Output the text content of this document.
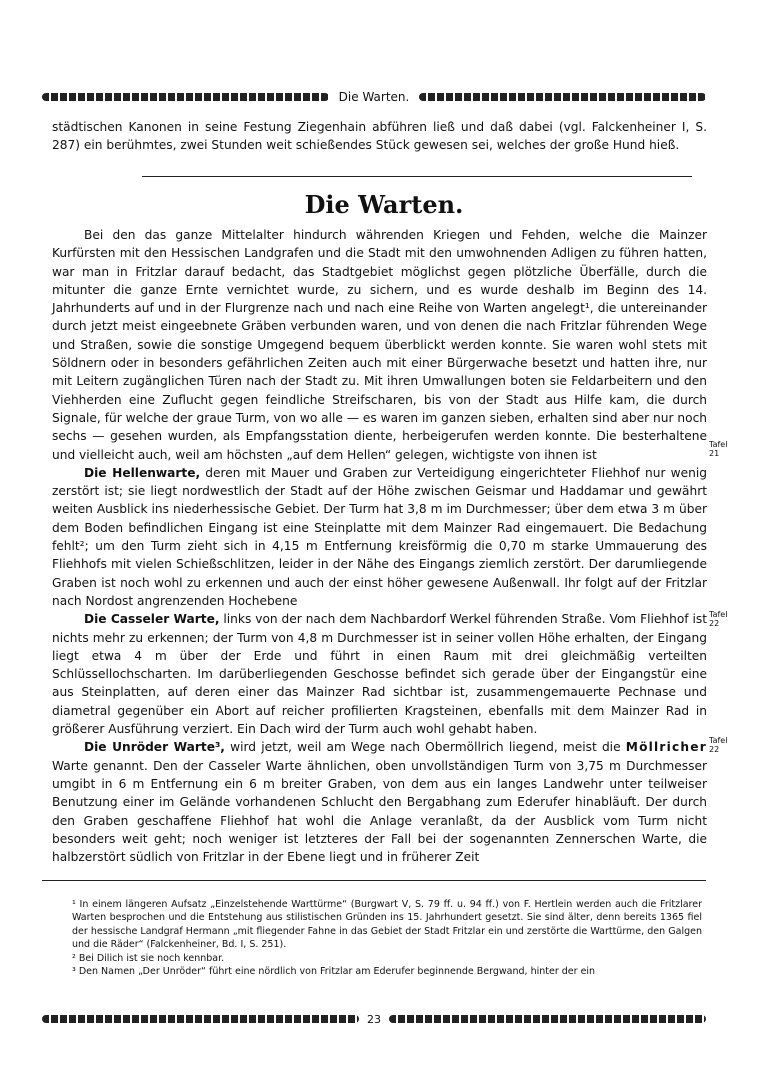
Die Warten.

städtischen Kanonen in seine Festung Ziegenhain abführen ließ und daß dabei (vgl. Falckenheiner I, S. 287) ein berühmtes, zwei Stunden weit schießendes Stück gewesen sei, welches der große Hund hieß.

Die Warten.

Bei den das ganze Mittelalter hindurch währenden Kriegen und Fehden, welche die Mainzer Kurfürsten mit den Hessischen Landgrafen und die Stadt mit den umwohnenden Adligen zu führen hatten, war man in Fritzlar darauf bedacht, das Stadtgebiet möglichst gegen plötzliche Überfälle, durch die mitunter die ganze Ernte vernichtet wurde, zu sichern, und es wurde deshalb im Beginn des 14. Jahrhunderts auf und in der Flurgrenze nach und nach eine Reihe von Warten angelegt¹, die untereinander durch jetzt meist eingeebnete Gräben verbunden waren, und von denen die nach Fritzlar führenden Wege und Straßen, sowie die sonstige Umgegend bequem überblickt werden konnte. Sie waren wohl stets mit Söldnern oder in besonders gefährlichen Zeiten auch mit einer Bürgerwache besetzt und hatten ihre, nur mit Leitern zugänglichen Türen nach der Stadt zu. Mit ihren Umwallungen boten sie Feldarbeitern und den Viehherden eine Zuflucht gegen feindliche Streifscharen, bis von der Stadt aus Hilfe kam, die durch Signale, für welche der graue Turm, von wo alle — es waren im ganzen sieben, erhalten sind aber nur noch sechs — gesehen wurden, als Empfangsstation diente, herbeigerufen werden konnte. Die besterhaltene und vielleicht auch, weil am höchsten „auf dem Hellen“ gelegen, wichtigste von ihnen ist

Die Hellenwarte, deren mit Mauer und Graben zur Verteidigung eingerichteter Fliehhof nur wenig zerstört ist; sie liegt nordwestlich der Stadt auf der Höhe zwischen Geismar und Haddamar und gewährt weiten Ausblick ins niederhessische Gebiet. Der Turm hat 3,8 m im Durchmesser; über dem etwa 3 m über dem Boden befindlichen Eingang ist eine Steinplatte mit dem Mainzer Rad eingemauert. Die Bedachung fehlt²; um den Turm zieht sich in 4,15 m Entfernung kreisförmig die 0,70 m starke Ummauerung des Fliehhofs mit vielen Schießschlitzen, leider in der Nähe des Eingangs ziemlich zerstört. Der darumliegende Graben ist noch wohl zu erkennen und auch der einst höher gewesene Außenwall. Ihr folgt auf der Fritzlar nach Nordost angrenzenden Hochebene

Die Casseler Warte, links von der nach dem Nachbardorf Werkel führenden Straße. Vom Fliehhof ist nichts mehr zu erkennen; der Turm von 4,8 m Durchmesser ist in seiner vollen Höhe erhalten, der Eingang liegt etwa 4 m über der Erde und führt in einen Raum mit drei gleichmäßig verteilten Schlüssellochscharten. Im darüberliegenden Geschosse befindet sich gerade über der Eingangstür eine aus Steinplatten, auf deren einer das Mainzer Rad sichtbar ist, zusammengemauerte Pechnase und diametral gegenüber ein Abort auf reicher profilierten Kragsteinen, ebenfalls mit dem Mainzer Rad in größerer Ausführung verziert. Ein Dach wird der Turm auch wohl gehabt haben.

Die Unröder Warte³, wird jetzt, weil am Wege nach Obermöllrich liegend, meist die Möllricher Warte genannt. Den der Casseler Warte ähnlichen, oben unvollständigen Turm von 3,75 m Durchmesser umgibt in 6 m Entfernung ein 6 m breiter Graben, von dem aus ein langes Landwehr unter teilweiser Benutzung einer im Gelände vorhandenen Schlucht den Bergabhang zum Ederufer hinabläuft. Der durch den Graben geschaffene Fliehhof hat wohl die Anlage veranlaßt, da der Ausblick vom Turm nicht besonders weit geht; noch weniger ist letzteres der Fall bei der sogenannten Zennerschen Warte, die halbzerstört südlich von Fritzlar in der Ebene liegt und in früherer Zeit

Tafel 21
Tafel 22
Tafel 22
¹ In einem längeren Aufsatz „Einzelstehende Warttürme“ (Burgwart V, S. 79 ff. u. 94 ff.) von F. Hertlein werden auch die Fritzlarer Warten besprochen und die Entstehung aus stilistischen Gründen ins 15. Jahrhundert gesetzt. Sie sind älter, denn bereits 1365 fiel der hessische Landgraf Hermann „mit fliegender Fahne in das Gebiet der Stadt Fritzlar ein und zerstörte die Warttürme, den Galgen und die Räder“ (Falckenheiner, Bd. I, S. 251).
² Bei Dilich ist sie noch kennbar.
³ Den Namen „Der Unröder“ führt eine nördlich von Fritzlar am Ederufer beginnende Bergwand, hinter der ein
23
